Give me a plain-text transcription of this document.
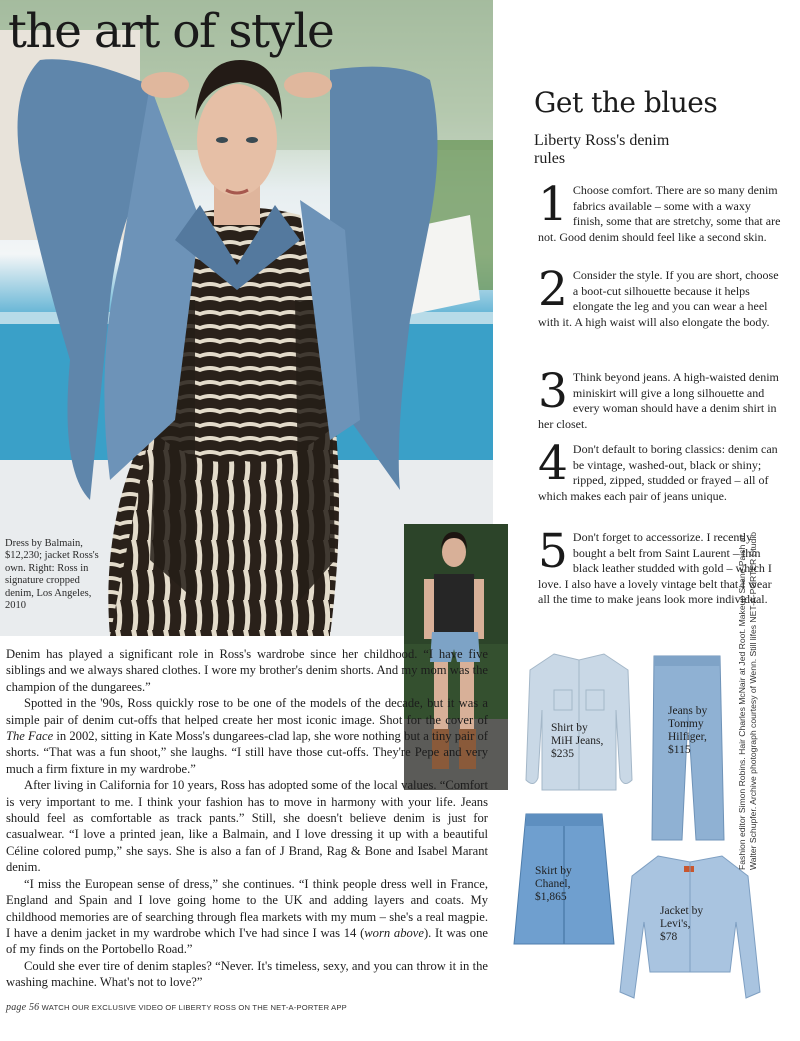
the art of style
Dress by Balmain, $12,230; jacket Ross's own. Right: Ross in signature cropped denim, Los Angeles, 2010
Get the blues
Liberty Ross's denim rules
1 Choose comfort. There are so many denim fabrics available – some with a waxy finish, some that are stretchy, some that are not. Good denim should feel like a second skin.
2 Consider the style. If you are short, choose a boot-cut silhouette because it helps elongate the leg and you can wear a heel with it. A high waist will also elongate the body.
3 Think beyond jeans. A high-waisted denim miniskirt will give a long silhouette and every woman should have a denim shirt in her closet.
4 Don't default to boring classics: denim can be vintage, washed-out, black or shiny; ripped, zipped, studded or frayed – all of which makes each pair of jeans unique.
5 Don't forget to accessorize. I recently bought a belt from Saint Laurent – thin black leather studded with gold – which I love. I also have a lovely vintage belt that I wear all the time to make jeans look more individual.
Shirt by MiH Jeans, $235
Jeans by Tommy Hilfiger, $115
Skirt by Chanel, $1,865
Jacket by Levi's, $78
Fashion editor Simon Robins. Hair Charles McNair at Jed Root. Makeup Shane Paish at Walter Schupfer. Archive photograph courtesy of Wenn. Still lifes NET-A-PORTER Studio

Denim has played a significant role in Ross's wardrobe since her childhood. “I have five siblings and we always shared clothes. I wore my brother's denim shorts. And my mom was the champion of the dungarees.”

Spotted in the '90s, Ross quickly rose to be one of the models of the decade, but it was a simple pair of denim cut-offs that helped create her most iconic image. Shot for the cover of The Face in 2002, sitting in Kate Moss's dungarees-clad lap, she wore nothing but a tiny pair of shorts. “That was a fun shoot,” she laughs. “I still have those cut-offs. They're Pepe and very much a firm fixture in my wardrobe.”

After living in California for 10 years, Ross has adopted some of the local values. “Comfort is very important to me. I think your fashion has to move in harmony with your life. Jeans should feel as comfortable as track pants.” Still, she doesn't believe denim is just for casualwear. “I love a printed jean, like a Balmain, and I love dressing it up with a beautiful Céline colored pump,” she says. She is also a fan of J Brand, Rag & Bone and Isabel Marant denim.

“I miss the European sense of dress,” she continues. “I think people dress well in France, England and Spain and I love going home to the UK and adding layers and coats. My childhood memories are of searching through flea markets with my mum – she's a real magpie. I have a denim jacket in my wardrobe which I've had since I was 14 (worn above). It was one of my finds on the Portobello Road.”

Could she ever tire of denim staples? “Never. It's timeless, sexy, and you can throw it in the washing machine. What's not to love?”

page 56 WATCH OUR EXCLUSIVE VIDEO OF LIBERTY ROSS ON THE NET-A-PORTER APP
